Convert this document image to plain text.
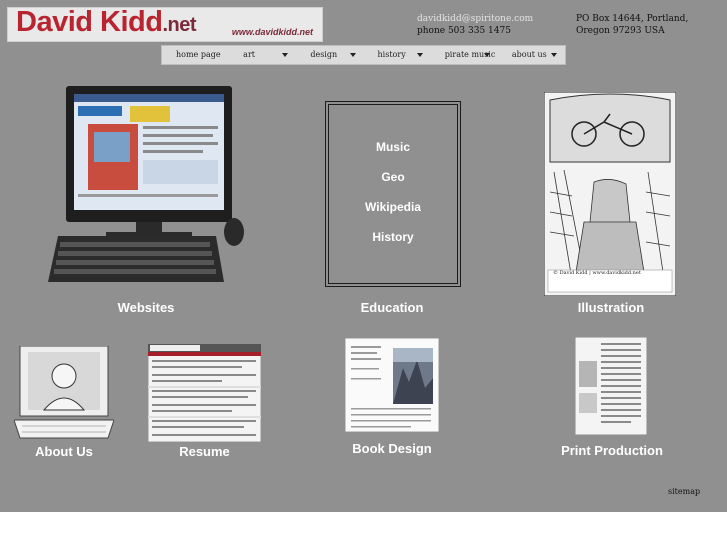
David Kidd.net	www.davidkidd.net
davidkidd@spiritone.com
phone 503 335 1475
PO Box 14644, Portland,
Oregon 97293 USA
home page	art	design	history	pirate music	about us
Websites
Music
Geo
Wikipedia
History
Education
© David Kidd | www.davidkidd.net
Illustration
About Us	Resume	Book Design	Print Production
sitemap
